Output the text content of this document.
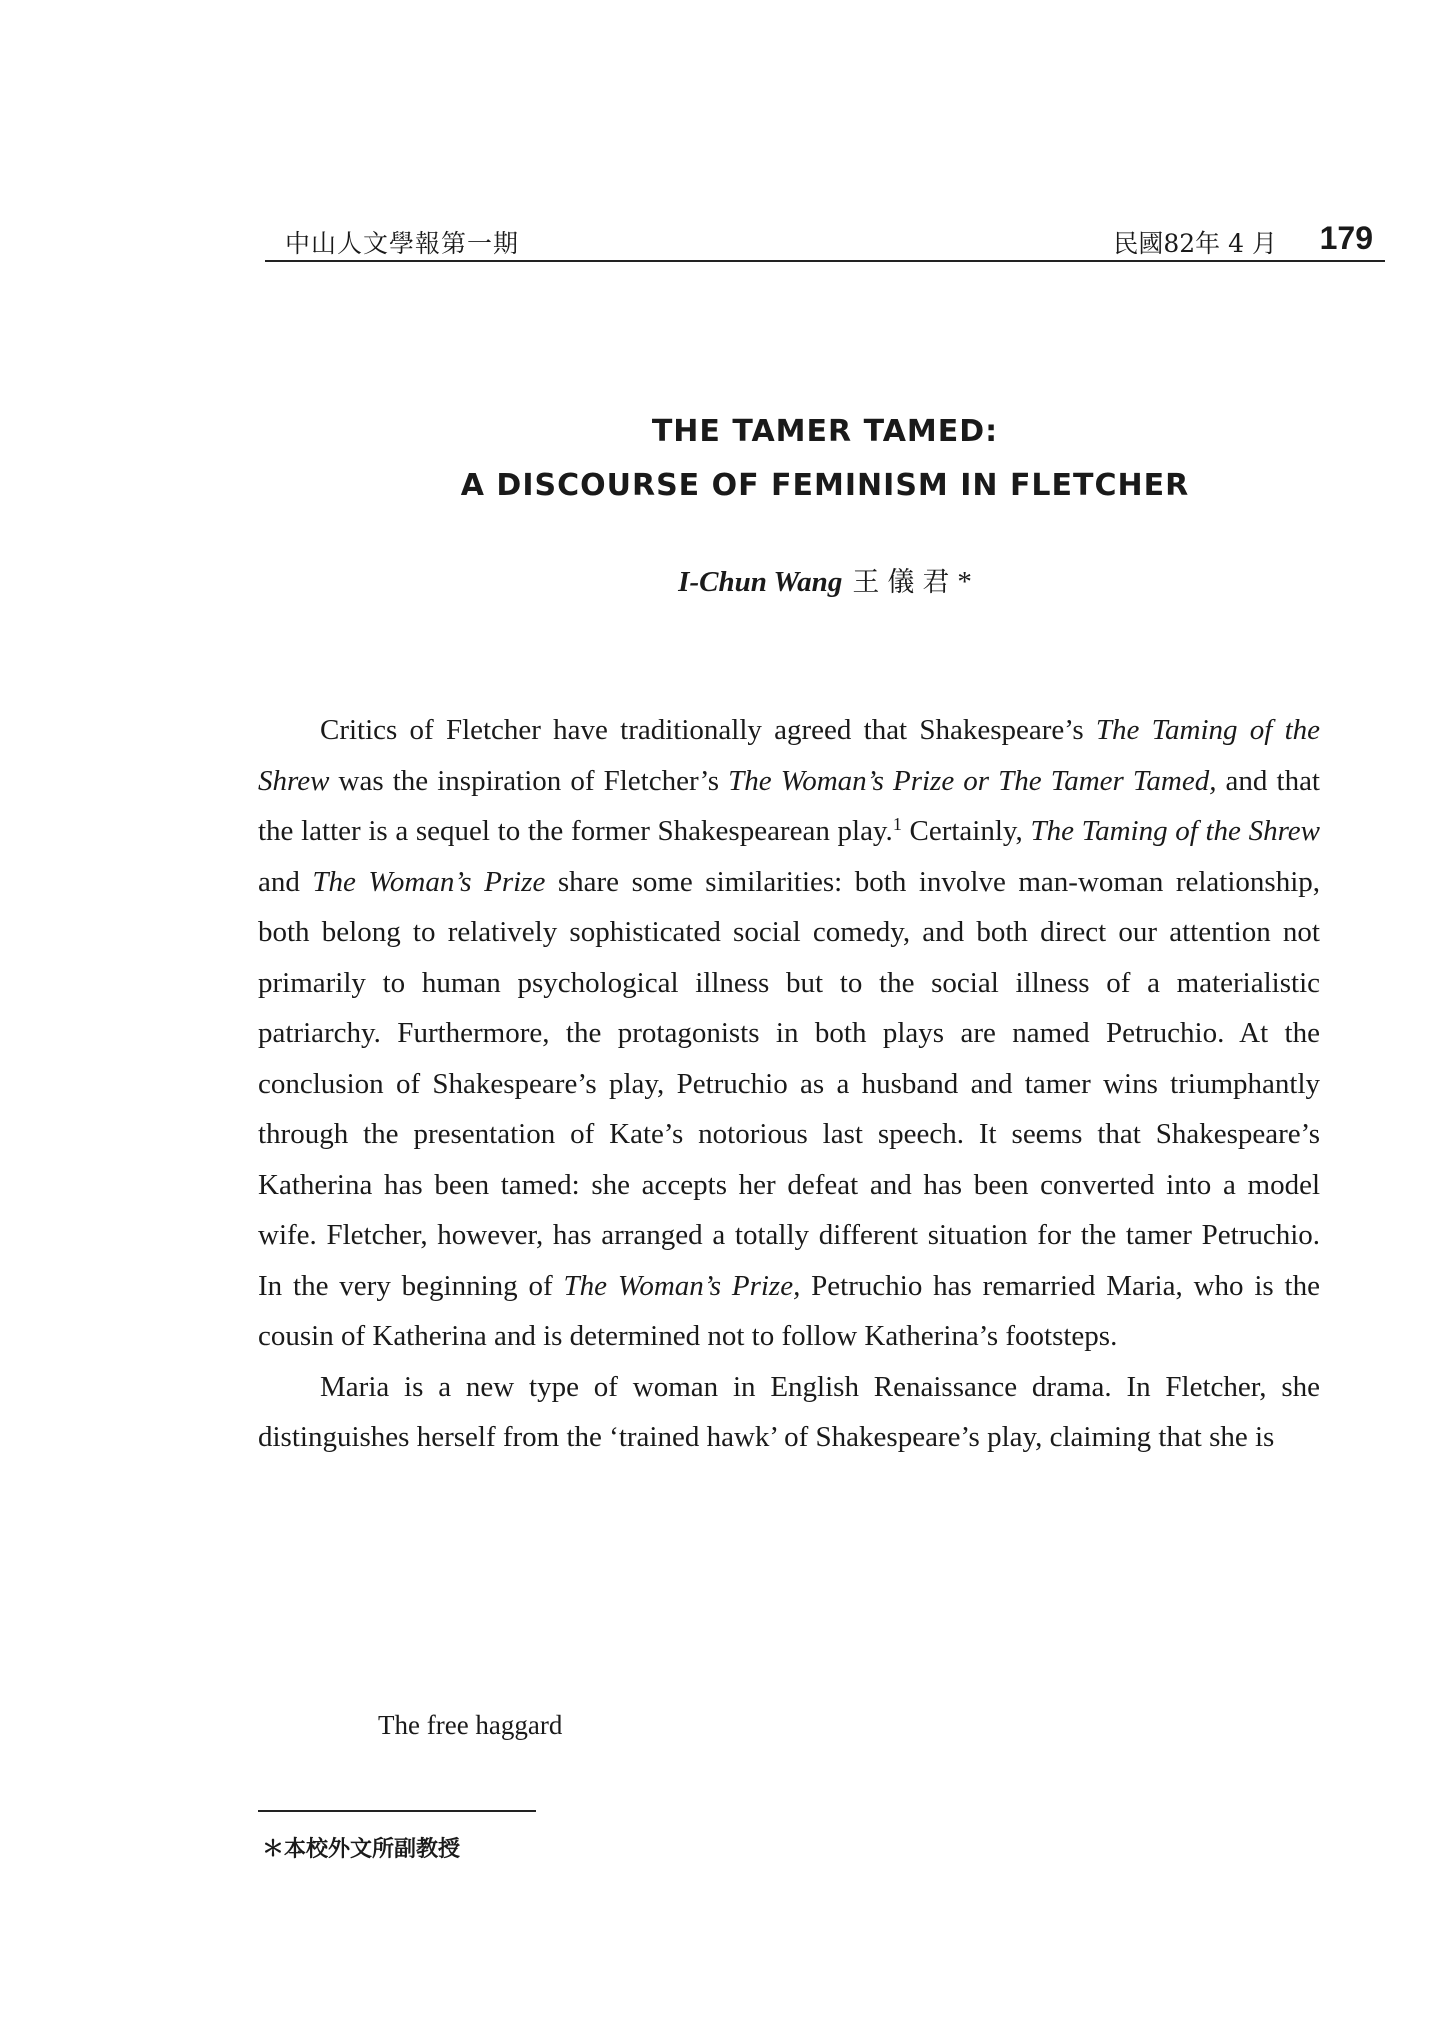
中山人文學報第一期	民國82年 4 月 179
THE TAMER TAMED:
A DISCOURSE OF FEMINISM IN FLETCHER
I-Chun Wang 王儀君*

Critics of Fletcher have traditionally agreed that Shakespeare’s The Taming of the Shrew was the inspiration of Fletcher’s The Woman’s Prize or The Tamer Tamed, and that the latter is a sequel to the former Shakespearean play.$^1$ Certainly, The Taming of the Shrew and The Woman’s Prize share some similarities: both involve man-woman relationship, both belong to relatively sophisticated social comedy, and both direct our attention not primarily to human psychological illness but to the social illness of a materialistic patriarchy. Furthermore, the protagonists in both plays are named Petruchio. At the conclusion of Shakespeare’s play, Petruchio as a husband and tamer wins triumphantly through the presentation of Kate’s notorious last speech. It seems that Shakespeare’s Katherina has been tamed: she accepts her defeat and has been converted into a model wife. Fletcher, however, has arranged a totally different situation for the tamer Petruchio. In the very beginning of The Woman’s Prize, Petruchio has remarried Maria, who is the cousin of Katherina and is determined not to follow Katherina’s footsteps.

Maria is a new type of woman in English Renaissance drama. In Fletcher, she distinguishes herself from the ‘trained hawk’ of Shakespeare’s play, claiming that she is

The free haggard
＊本校外文所副教授
